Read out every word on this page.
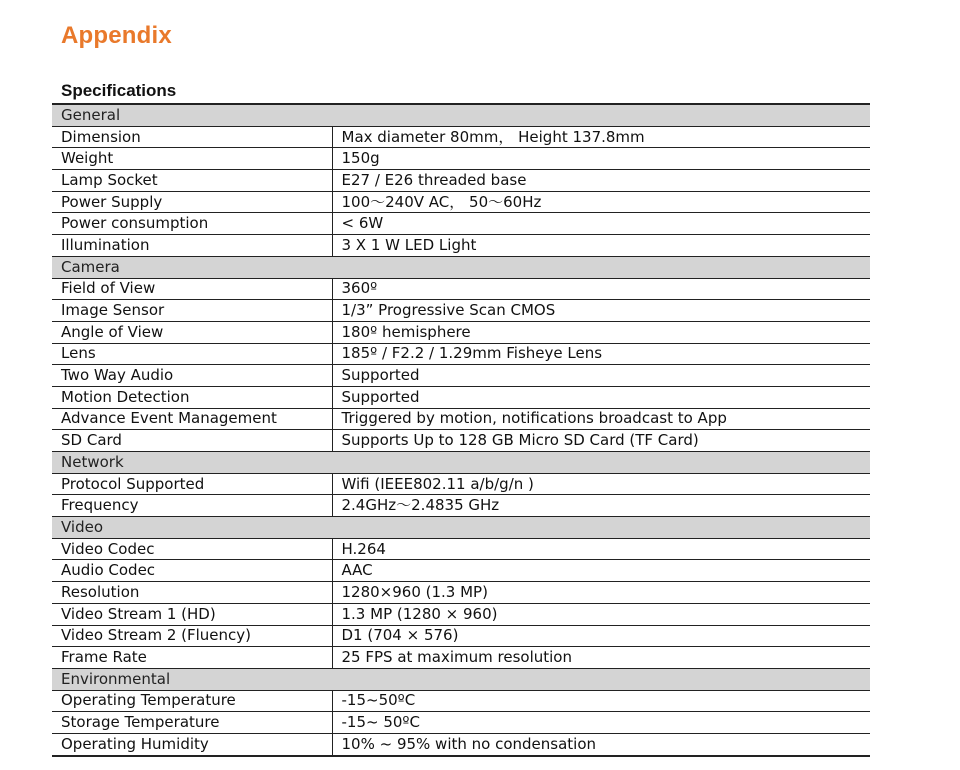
Appendix
Specifications
General	
Dimension	Max diameter 80mm， Height 137.8mm
Weight	150g
Lamp Socket	E27 / E26 threaded base
Power Supply	100～240V AC， 50～60Hz
Power consumption	< 6W
Illumination	3 X 1 W LED Light
Camera	
Field of View	360º
Image Sensor	1/3” Progressive Scan CMOS
Angle of View	180º hemisphere
Lens	185º / F2.2 / 1.29mm Fisheye Lens
Two Way Audio	Supported
Motion Detection	Supported
Advance Event Management	Triggered by motion, notifications broadcast to App
SD Card	Supports Up to 128 GB Micro SD Card (TF Card)
Network	
Protocol Supported	Wifi (IEEE802.11 a/b/g/n )
Frequency	2.4GHz～2.4835 GHz
Video	
Video Codec	H.264
Audio Codec	AAC
Resolution	1280×960 (1.3 MP)
Video Stream 1 (HD)	1.3 MP (1280 × 960)
Video Stream 2 (Fluency)	D1 (704 × 576)
Frame Rate	25 FPS at maximum resolution
Environmental	
Operating Temperature	-15~50ºC
Storage Temperature	-15~ 50ºC
Operating Humidity	10% ~ 95% with no condensation
